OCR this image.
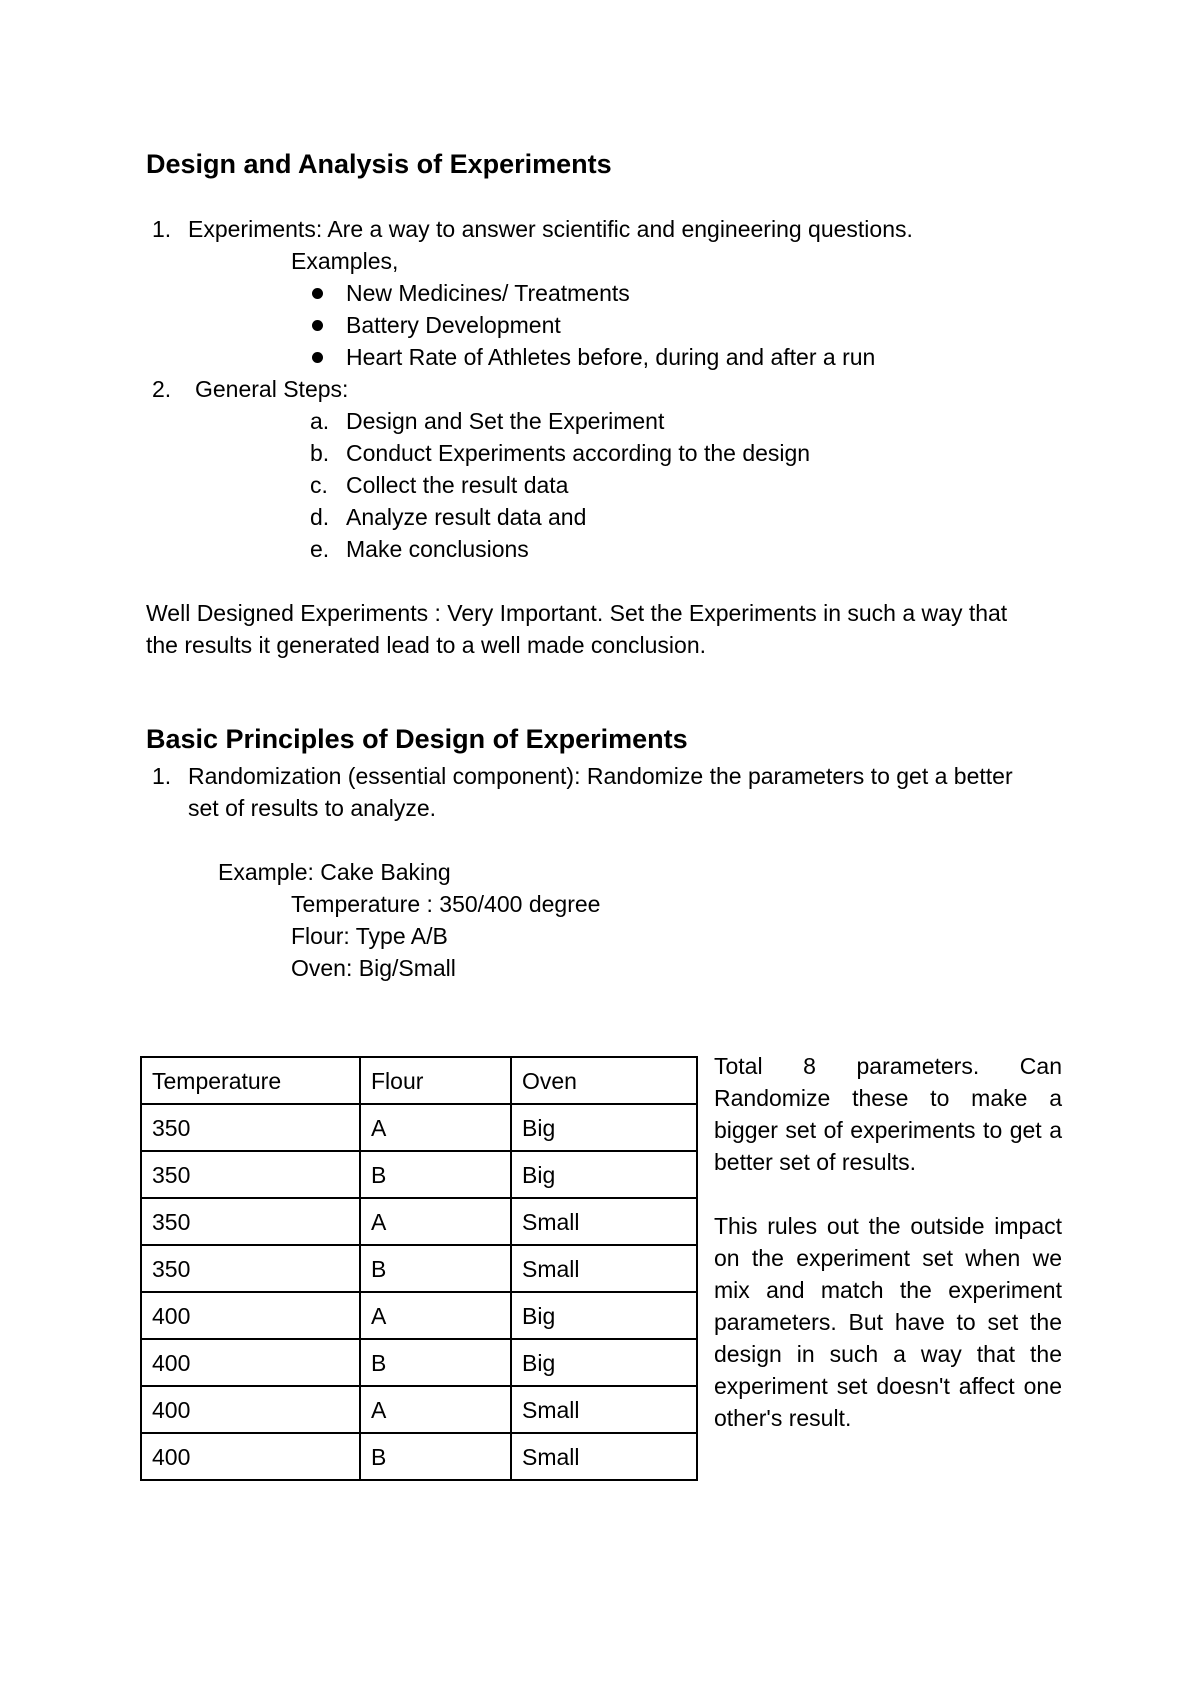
Design and Analysis of Experiments
1. Experiments: Are a way to answer scientific and engineering questions.
Examples,
New Medicines/ Treatments
Battery Development
Heart Rate of Athletes before, during and after a run
2. General Steps:
a. Design and Set the Experiment
b. Conduct Experiments according to the design
c. Collect the result data
d. Analyze result data and
e. Make conclusions
Well Designed Experiments : Very Important. Set the Experiments in such a way that
the results it generated lead to a well made conclusion.
Basic Principles of Design of Experiments
1. Randomization (essential component): Randomize the parameters to get a better
set of results to analyze.
Example: Cake Baking
Temperature : 350/400 degree
Flour: Type A/B
Oven: Big/Small
Temperature	Flour	Oven
350	A	Big
350	B	Big
350	A	Small
350	B	Small
400	A	Big
400	B	Big
400	A	Small
400	B	Small
Total 8 parameters. Can Randomize these to make a bigger set of experiments to get a better set of results.
This rules out the outside impact on the experiment set when we mix and match the experiment parameters. But have to set the design in such a way that the experiment set doesn't affect one other's result.
